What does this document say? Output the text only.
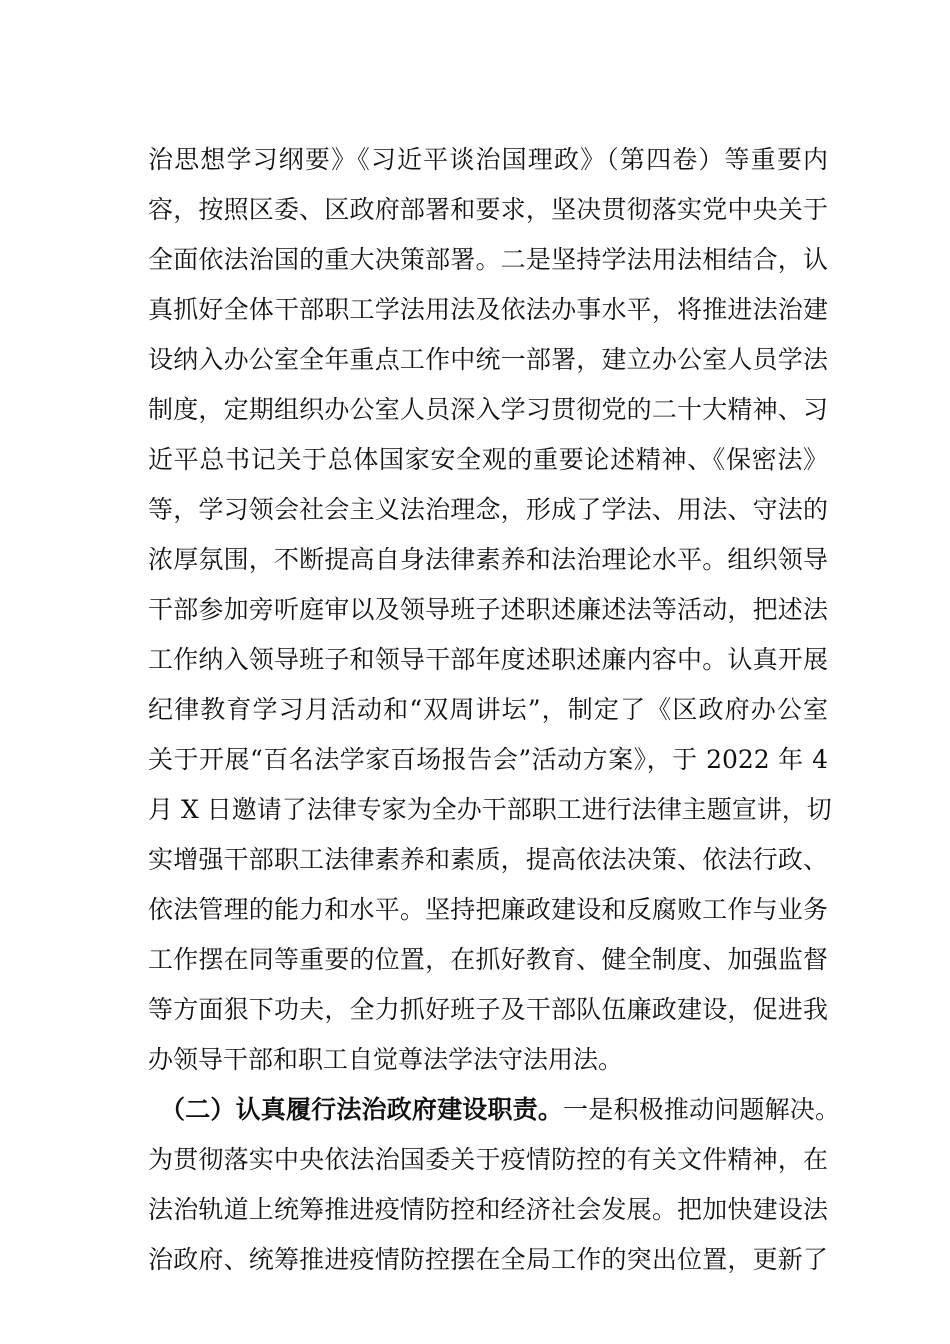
治思想学习纲要》《习近平谈治国理政》（第四卷）等重要内
容，按照区委、区政府部署和要求，坚决贯彻落实党中央关于
全面依法治国的重大决策部署。二是坚持学法用法相结合，认
真抓好全体干部职工学法用法及依法办事水平，将推进法治建
设纳入办公室全年重点工作中统一部署，建立办公室人员学法
制度，定期组织办公室人员深入学习贯彻党的二十大精神、习
近平总书记关于总体国家安全观的重要论述精神、《保密法》
等，学习领会社会主义法治理念，形成了学法、用法、守法的
浓厚氛围，不断提高自身法律素养和法治理论水平。组织领导
干部参加旁听庭审以及领导班子述职述廉述法等活动，把述法
工作纳入领导班子和领导干部年度述职述廉内容中。认真开展
纪律教育学习月活动和“双周讲坛”，制定了《区政府办公室
关于开展“百名法学家百场报告会”活动方案》，于 2022 年 4
月 X 日邀请了法律专家为全办干部职工进行法律主题宣讲，切
实增强干部职工法律素养和素质，提高依法决策、依法行政、
依法管理的能力和水平。坚持把廉政建设和反腐败工作与业务
工作摆在同等重要的位置，在抓好教育、健全制度、加强监督
等方面狠下功夫，全力抓好班子及干部队伍廉政建设，促进我
办领导干部和职工自觉尊法学法守法用法。
（二）认真履行法治政府建设职责。一是积极推动问题解决。
为贯彻落实中央依法治国委关于疫情防控的有关文件精神，在
法治轨道上统筹推进疫情防控和经济社会发展。把加快建设法
治政府、统筹推进疫情防控摆在全局工作的突出位置，更新了
